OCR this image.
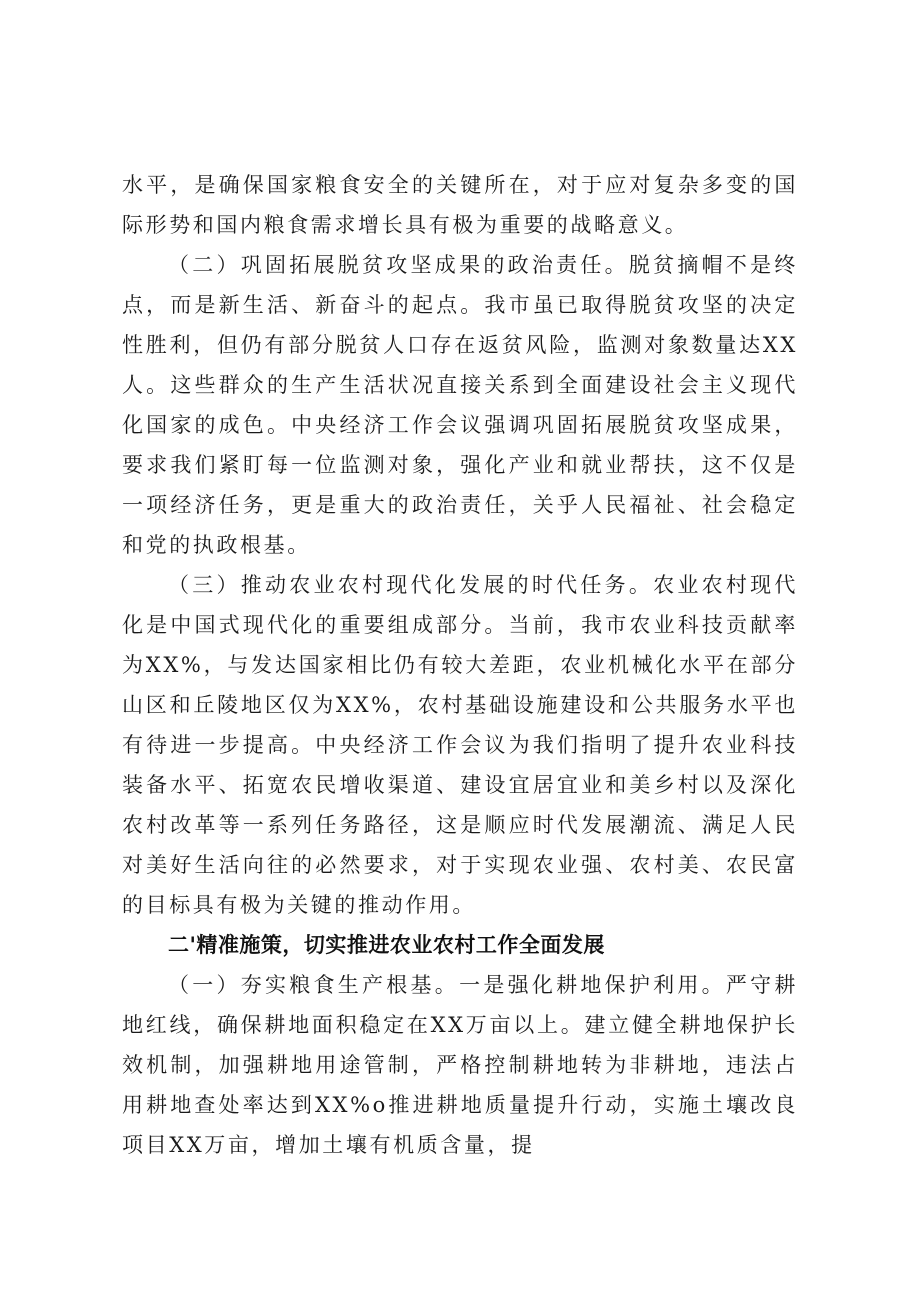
水平，是确保国家粮食安全的关键所在，对于应对复杂多变的国际形势和国内粮食需求增长具有极为重要的战略意义。

（二）巩固拓展脱贫攻坚成果的政治责任。脱贫摘帽不是终点，而是新生活、新奋斗的起点。我市虽已取得脱贫攻坚的决定性胜利，但仍有部分脱贫人口存在返贫风险，监测对象数量达XX人。这些群众的生产生活状况直接关系到全面建设社会主义现代化国家的成色。中央经济工作会议强调巩固拓展脱贫攻坚成果，要求我们紧盯每一位监测对象，强化产业和就业帮扶，这不仅是一项经济任务，更是重大的政治责任，关乎人民福祉、社会稳定和党的执政根基。

（三）推动农业农村现代化发展的时代任务。农业农村现代化是中国式现代化的重要组成部分。当前，我市农业科技贡献率为XX%，与发达国家相比仍有较大差距，农业机械化水平在部分山区和丘陵地区仅为XX%，农村基础设施建设和公共服务水平也有待进一步提高。中央经济工作会议为我们指明了提升农业科技装备水平、拓宽农民增收渠道、建设宜居宜业和美乡村以及深化农村改革等一系列任务路径，这是顺应时代发展潮流、满足人民对美好生活向往的必然要求，对于实现农业强、农村美、农民富的目标具有极为关键的推动作用。

二'精准施策，切实推进农业农村工作全面发展

（一）夯实粮食生产根基。一是强化耕地保护利用。严守耕地红线，确保耕地面积稳定在XX万亩以上。建立健全耕地保护长效机制，加强耕地用途管制，严格控制耕地转为非耕地，违法占用耕地查处率达到XX%o推进耕地质量提升行动，实施土壤改良项目XX万亩，增加土壤有机质含量，提
